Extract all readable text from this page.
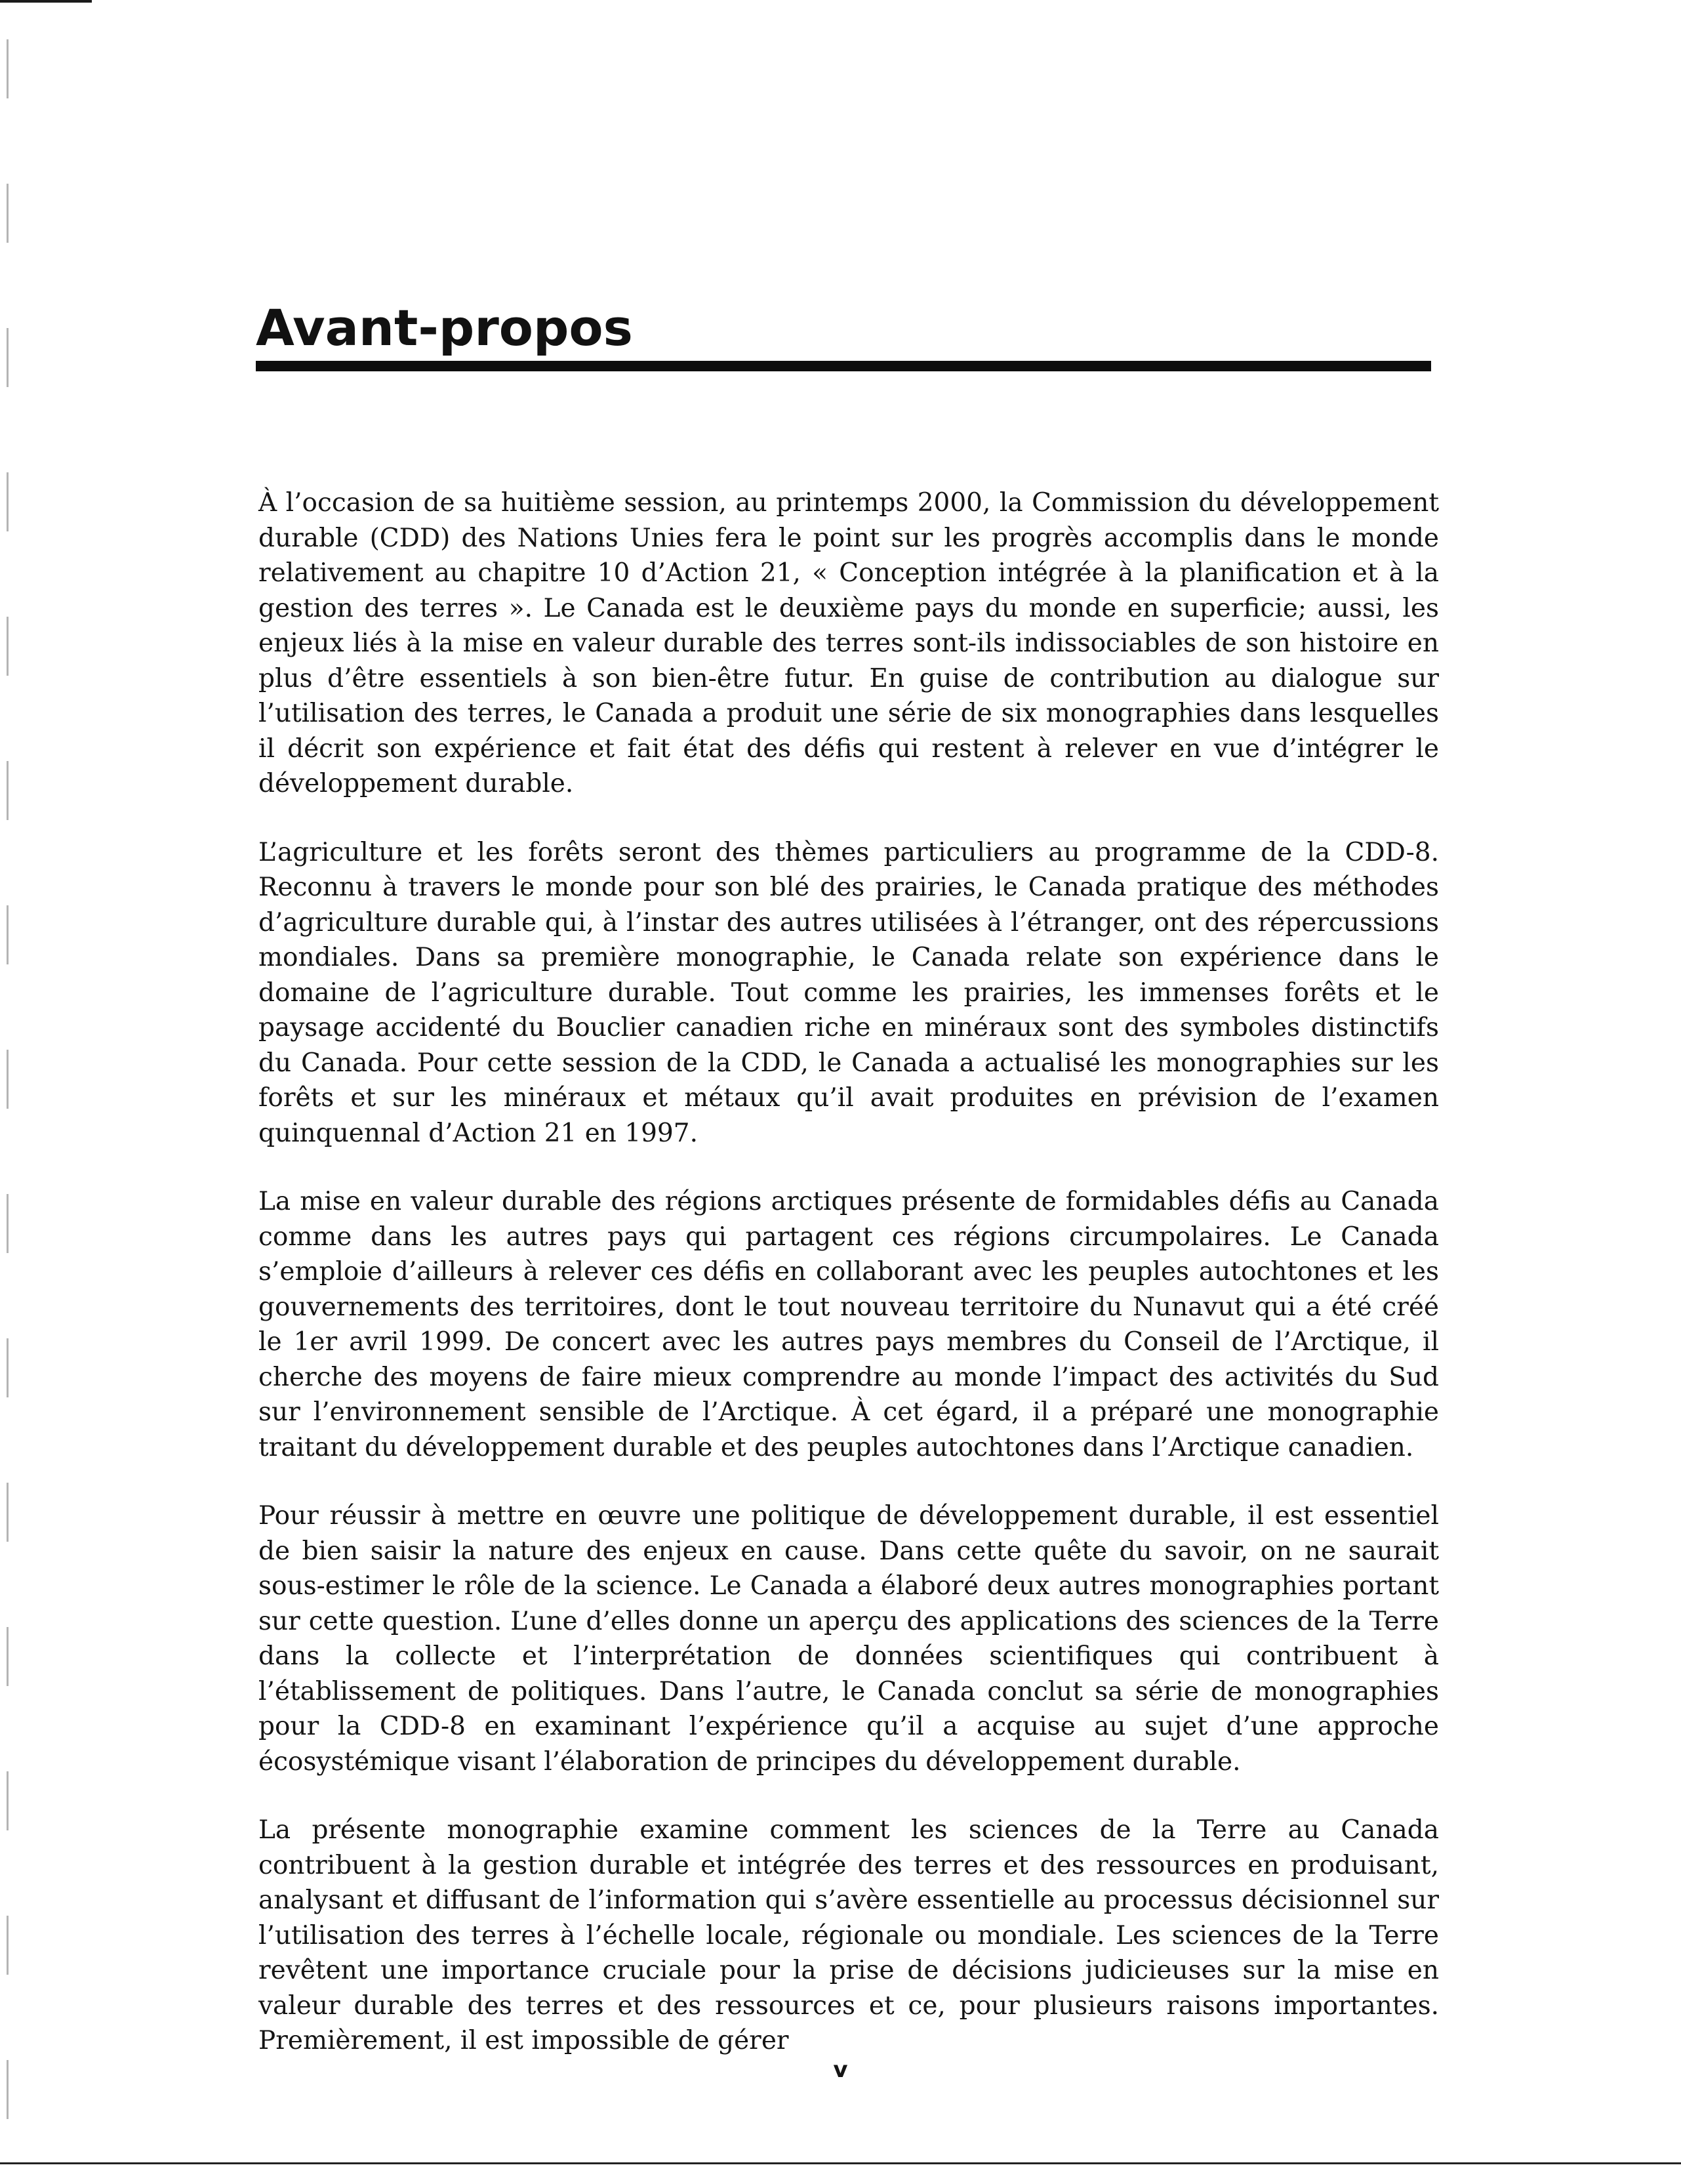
Avant-propos

À l’occasion de sa huitième session, au printemps 2000, la Commission du développement durable (CDD) des Nations Unies fera le point sur les progrès accomplis dans le monde relativement au chapitre 10 d’Action 21, « Conception intégrée à la planification et à la gestion des terres ». Le Canada est le deuxième pays du monde en superficie; aussi, les enjeux liés à la mise en valeur durable des terres sont-ils indissociables de son histoire en plus d’être essentiels à son bien-être futur. En guise de contribution au dialogue sur l’utilisation des terres, le Canada a produit une série de six monographies dans lesquelles il décrit son expérience et fait état des défis qui restent à relever en vue d’intégrer le développement durable.

L’agriculture et les forêts seront des thèmes particuliers au programme de la CDD-8. Reconnu à travers le monde pour son blé des prairies, le Canada pratique des méthodes d’agriculture durable qui, à l’instar des autres utilisées à l’étranger, ont des répercussions mondiales. Dans sa première monographie, le Canada relate son expérience dans le domaine de l’agriculture durable. Tout comme les prairies, les immenses forêts et le paysage accidenté du Bouclier canadien riche en minéraux sont des symboles distinctifs du Canada. Pour cette session de la CDD, le Canada a actualisé les monographies sur les forêts et sur les minéraux et métaux qu’il avait produites en prévision de l’examen quinquennal d’Action 21 en 1997.

La mise en valeur durable des régions arctiques présente de formidables défis au Canada comme dans les autres pays qui partagent ces régions circumpolaires. Le Canada s’emploie d’ailleurs à relever ces défis en collaborant avec les peuples autochtones et les gouvernements des territoires, dont le tout nouveau territoire du Nunavut qui a été créé le 1er avril 1999. De concert avec les autres pays membres du Conseil de l’Arctique, il cherche des moyens de faire mieux comprendre au monde l’impact des activités du Sud sur l’environnement sensible de l’Arctique. À cet égard, il a préparé une monographie traitant du développement durable et des peuples autochtones dans l’Arctique canadien.

Pour réussir à mettre en œuvre une politique de développement durable, il est essentiel de bien saisir la nature des enjeux en cause. Dans cette quête du savoir, on ne saurait sous-estimer le rôle de la science. Le Canada a élaboré deux autres monographies portant sur cette question. L’une d’elles donne un aperçu des applications des sciences de la Terre dans la collecte et l’interprétation de données scientifiques qui contribuent à l’établissement de politiques. Dans l’autre, le Canada conclut sa série de monographies pour la CDD-8 en examinant l’expérience qu’il a acquise au sujet d’une approche écosystémique visant l’élaboration de principes du développement durable.

La présente monographie examine comment les sciences de la Terre au Canada contribuent à la gestion durable et intégrée des terres et des ressources en produisant, analysant et diffusant de l’information qui s’avère essentielle au processus décisionnel sur l’utilisation des terres à l’échelle locale, régionale ou mondiale. Les sciences de la Terre revêtent une importance cruciale pour la prise de décisions judicieuses sur la mise en valeur durable des terres et des ressources et ce, pour plusieurs raisons importantes. Premièrement, il est impossible de gérer

v
